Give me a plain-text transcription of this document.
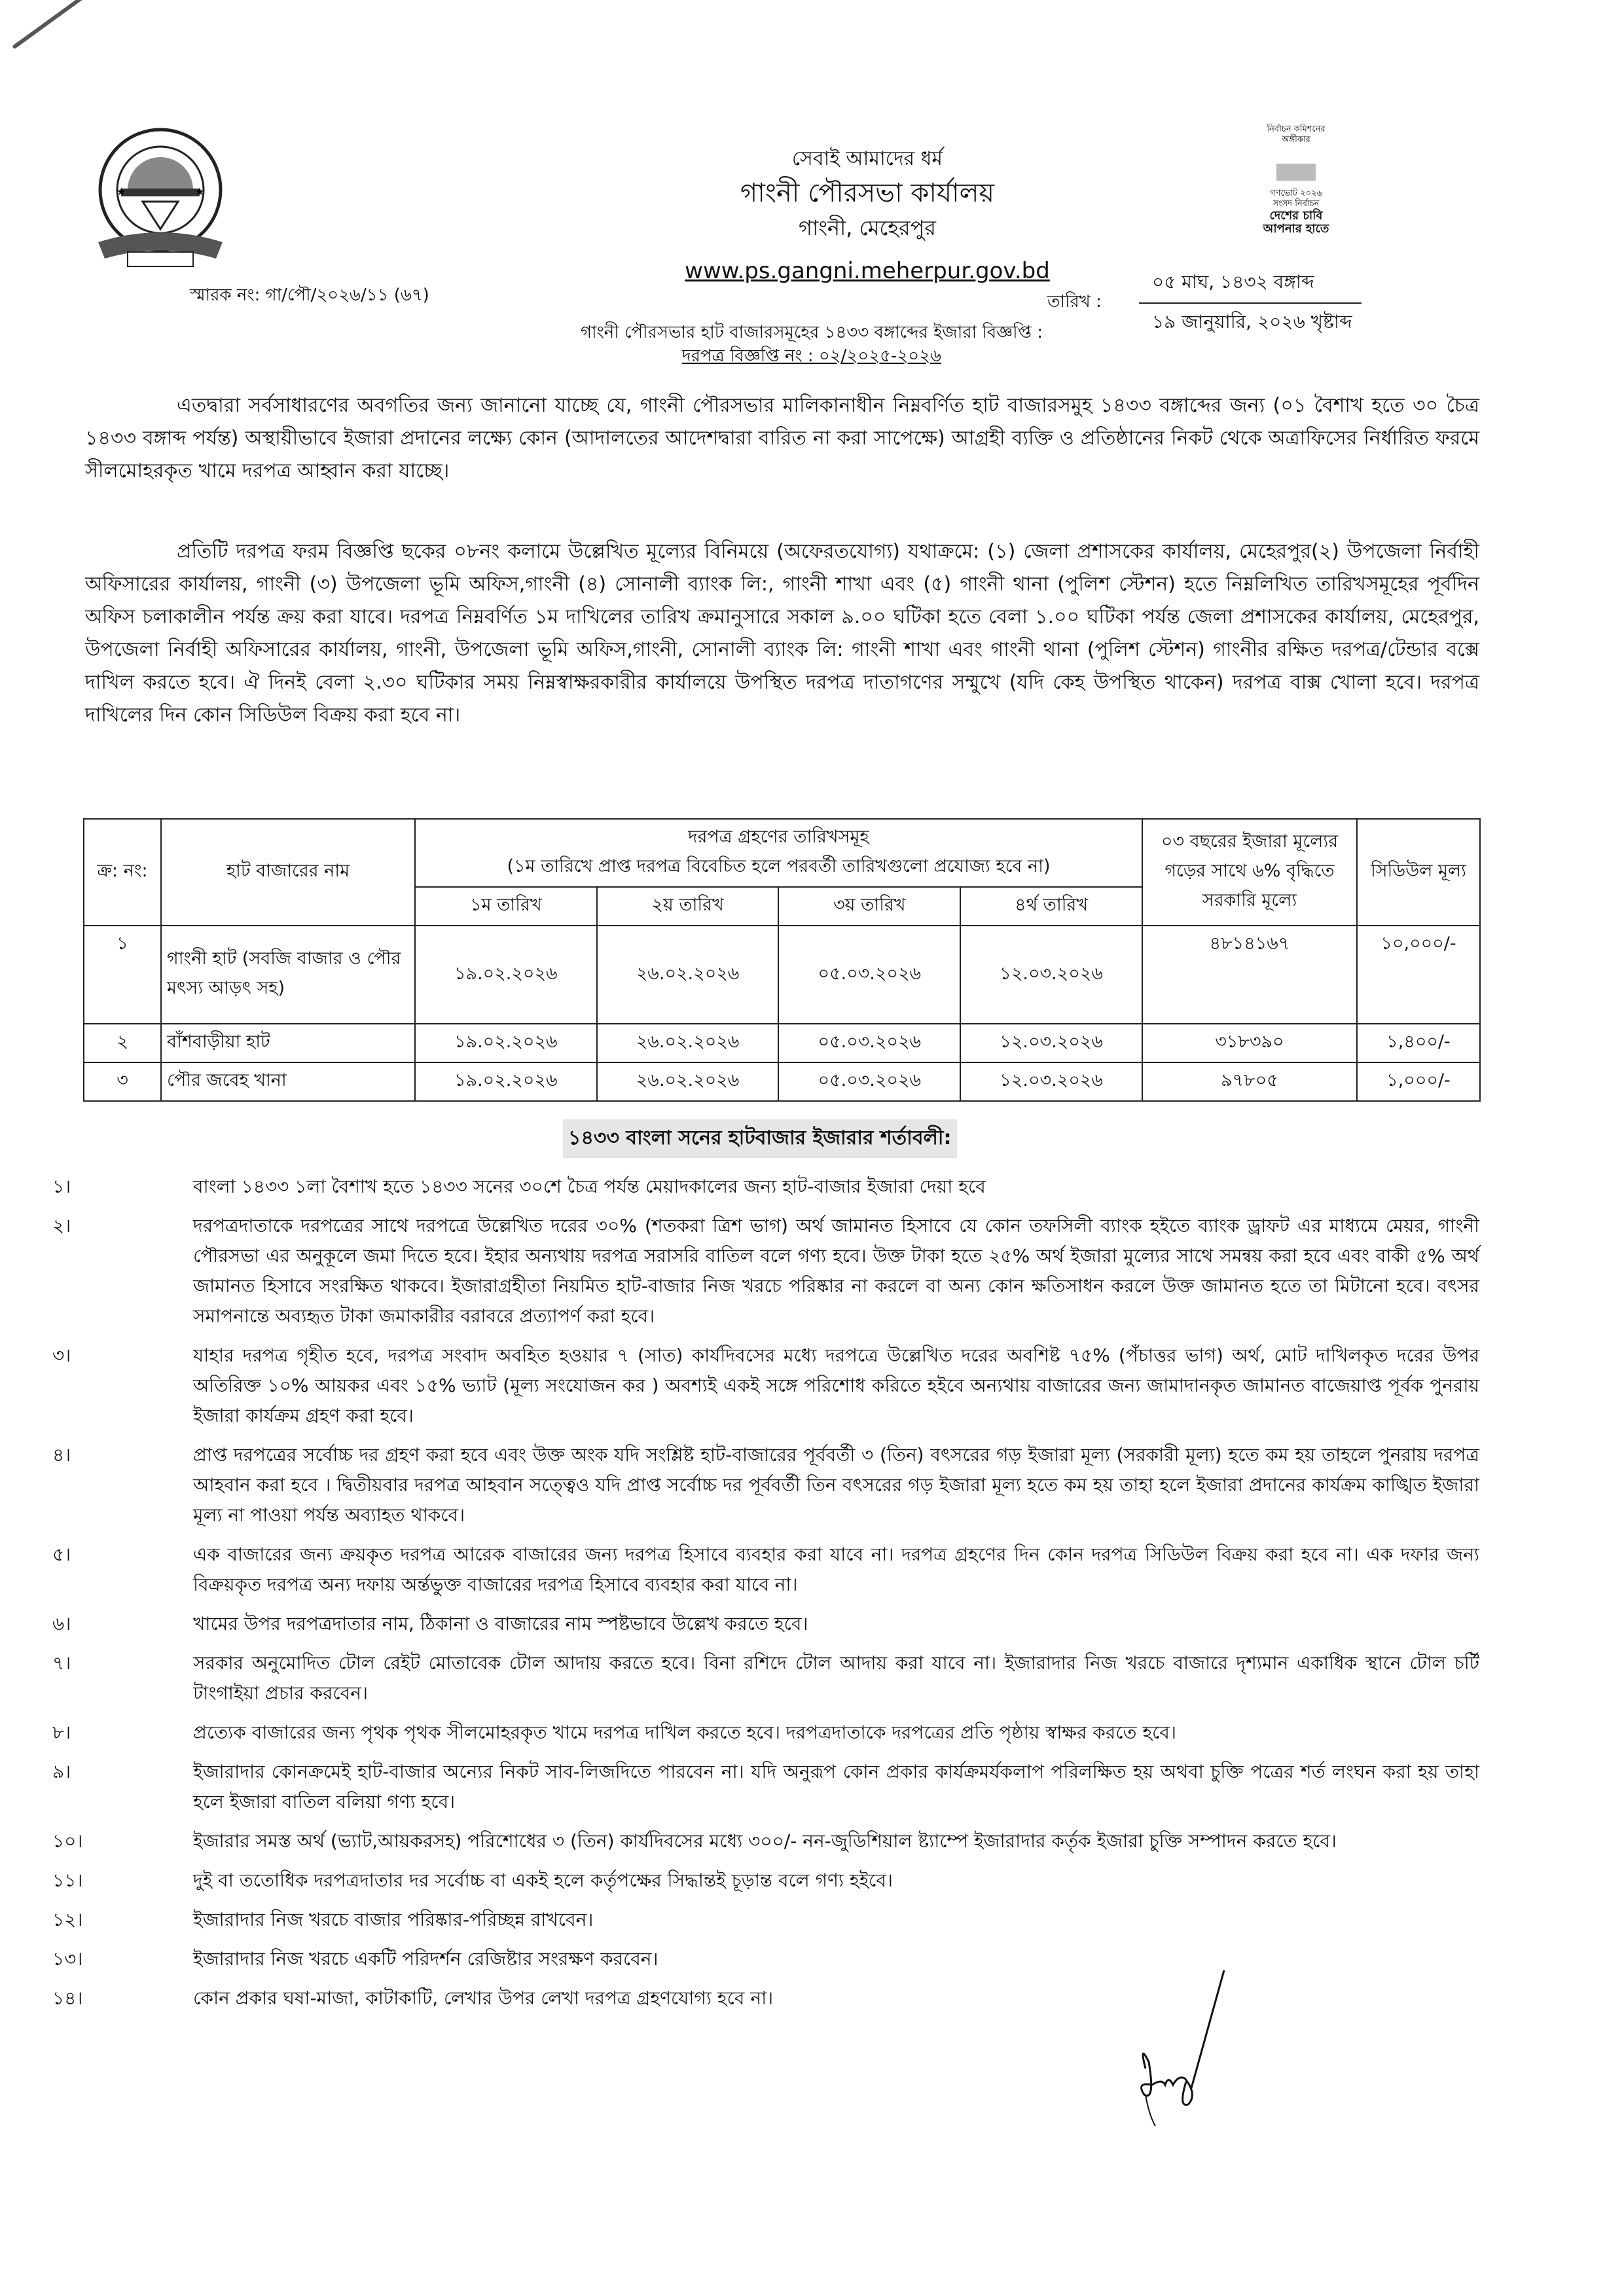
★	★
সেবাই আমাদের ধর্ম
গাংনী পৌরসভা কার্যালয়
গাংনী, মেহেরপুর
www.ps.gangni.meherpur.gov.bd
নির্বাচন কমিশনের
অঙ্গীকার
গণভোট ২০২৬
সংসদ নির্বাচন
দেশের চাবি
আপনার হাতে
স্মারক নং: গা/পৌ/২০২৬/১১ (৬৭)	তারিখ :
০৫ মাঘ, ১৪৩২ বঙ্গাব্দ
১৯ জানুয়ারি, ২০২৬ খৃষ্টাব্দ
গাংনী পৌরসভার হাট বাজারসমূহের ১৪৩৩ বঙ্গাব্দের ইজারা বিজ্ঞপ্তি :
দরপত্র বিজ্ঞপ্তি নং : ০২/২০২৫-২০২৬
এতদ্বারা সর্বসাধারণের অবগতির জন্য জানানো যাচ্ছে যে, গাংনী পৌরসভার মালিকানাধীন নিম্নবর্ণিত হাট বাজারসমুহ ১৪৩৩ বঙ্গাব্দের জন্য (০১ বৈশাখ হতে ৩০ চৈত্র ১৪৩৩ বঙ্গাব্দ পর্যন্ত) অস্থায়ীভাবে ইজারা প্রদানের লক্ষ্যে কোন (আদালতের আদেশদ্বারা বারিত না করা সাপেক্ষে) আগ্রহী ব্যক্তি ও প্রতিষ্ঠানের নিকট থেকে অত্রাফিসের নির্ধারিত ফরমে সীলমোহরকৃত খামে দরপত্র আহ্বান করা যাচ্ছে।
প্রতিটি দরপত্র ফরম বিজ্ঞপ্তি ছকের ০৮নং কলামে উল্লেখিত মূল্যের বিনিময়ে (অফেরতযোগ্য) যথাক্রমে: (১) জেলা প্রশাসকের কার্যালয়, মেহেরপুর(২) উপজেলা নির্বাহী অফিসারের কার্যালয়, গাংনী (৩) উপজেলা ভূমি অফিস,গাংনী (৪) সোনালী ব্যাংক লি:, গাংনী শাখা এবং (৫) গাংনী থানা (পুলিশ স্টেশন) হতে নিম্নলিখিত তারিখসমূহের পূর্বদিন অফিস চলাকালীন পর্যন্ত ক্রয় করা যাবে। দরপত্র নিম্নবর্ণিত ১ম দাখিলের তারিখ ক্রমানুসারে সকাল ৯.০০ ঘটিকা হতে বেলা ১.০০ ঘটিকা পর্যন্ত জেলা প্রশাসকের কার্যালয়, মেহেরপুর, উপজেলা নির্বাহী অফিসারের কার্যালয়, গাংনী, উপজেলা ভূমি অফিস,গাংনী, সোনালী ব্যাংক লি: গাংনী শাখা এবং গাংনী থানা (পুলিশ স্টেশন) গাংনীর রক্ষিত দরপত্র/টেন্ডার বক্সে দাখিল করতে হবে। ঐ দিনই বেলা ২.৩০ ঘটিকার সময় নিম্নস্বাক্ষরকারীর কার্যালয়ে উপস্থিত দরপত্র দাতাগণের সম্মুখে (যদি কেহ উপস্থিত থাকেন) দরপত্র বাক্স খোলা হবে। দরপত্র দাখিলের দিন কোন সিডিউল বিক্রয় করা হবে না।
ক্র: নং:	হাট বাজারের নাম	দরপত্র গ্রহণের তারিখসমূহ
(১ম তারিখে প্রাপ্ত দরপত্র বিবেচিত হলে পরবর্তী তারিখগুলো প্রযোজ্য হবে না)				০৩ বছরের ইজারা মূল্যের গড়ের সাথে ৬% বৃদ্ধিতে সরকারি মূল্যে	সিডিউল মূল্য
		১ম তারিখ	২য় তারিখ	৩য় তারিখ	৪র্থ তারিখ		
১	গাংনী হাট (সবজি বাজার ও পৌর মৎস্য আড়ৎ সহ)	১৯.০২.২০২৬	২৬.০২.২০২৬	০৫.০৩.২০২৬	১২.০৩.২০২৬	৪৮১৪১৬৭	১০,০০০/-
২	বাঁশবাড়ীয়া হাট	১৯.০২.২০২৬	২৬.০২.২০২৬	০৫.০৩.২০২৬	১২.০৩.২০২৬	৩১৮৩৯০	১,৪০০/-
৩	পৌর জবেহ খানা	১৯.০২.২০২৬	২৬.০২.২০২৬	০৫.০৩.২০২৬	১২.০৩.২০২৬	৯৭৮০৫	১,০০০/-
১৪৩৩ বাংলা সনের হাটবাজার ইজারার শর্তাবলী:
১।	বাংলা ১৪৩৩ ১লা বৈশাখ হতে ১৪৩৩ সনের ৩০শে চৈত্র পর্যন্ত মেয়াদকালের জন্য হাট-বাজার ইজারা দেয়া হবে
২।	দরপত্রদাতাকে দরপত্রের সাথে দরপত্রে উল্লেখিত দরের ৩০% (শতকরা ত্রিশ ভাগ) অর্থ জামানত হিসাবে যে কোন তফসিলী ব্যাংক হইতে ব্যাংক ড্রাফট এর মাধ্যমে মেয়র, গাংনী পৌরসভা এর অনুকূলে জমা দিতে হবে। ইহার অন্যথায় দরপত্র সরাসরি বাতিল বলে গণ্য হবে। উক্ত টাকা হতে ২৫% অর্থ ইজারা মুল্যের সাথে সমন্বয় করা হবে এবং বাকী ৫% অর্থ জামানত হিসাবে সংরক্ষিত থাকবে। ইজারাগ্রহীতা নিয়মিত হাট-বাজার নিজ খরচে পরিষ্কার না করলে বা অন্য কোন ক্ষতিসাধন করলে উক্ত জামানত হতে তা মিটানো হবে। বৎসর সমাপনান্তে অব্যহৃত টাকা জমাকারীর বরাবরে প্রত্যাপর্ণ করা হবে।
৩।	যাহার দরপত্র গৃহীত হবে, দরপত্র সংবাদ অবহিত হওয়ার ৭ (সাত) কার্যদিবসের মধ্যে দরপত্রে উল্লেখিত দরের অবশিষ্ট ৭৫% (পঁচাত্তর ভাগ) অর্থ, মোট দাখিলকৃত দরের উপর অতিরিক্ত ১০% আয়কর এবং ১৫% ভ্যাট (মূল্য সংযোজন কর ) অবশ্যই একই সঙ্গে পরিশোধ করিতে হইবে অন্যথায় বাজারের জন্য জামাদানকৃত জামানত বাজেয়াপ্ত পূর্বক পুনরায় ইজারা কার্যক্রম গ্রহণ করা হবে।
৪।	প্রাপ্ত দরপত্রের সর্বোচ্চ দর গ্রহণ করা হবে এবং উক্ত অংক যদি সংশ্লিষ্ট হাট-বাজারের পূর্ববর্তী ৩ (তিন) বৎসরের গড় ইজারা মূল্য (সরকারী মূল্য) হতে কম হয় তাহলে পুনরায় দরপত্র আহবান করা হবে । দ্বিতীয়বার দরপত্র আহবান সত্ত্বেও যদি প্রাপ্ত সর্বোচ্চ দর পূর্ববর্তী তিন বৎসরের গড় ইজারা মূল্য হতে কম হয় তাহা হলে ইজারা প্রদানের কার্যক্রম কাঙ্খিত ইজারা মূল্য না পাওয়া পর্যন্ত অব্যাহত থাকবে।
৫।	এক বাজারের জন্য ক্রয়কৃত দরপত্র আরেক বাজারের জন্য দরপত্র হিসাবে ব্যবহার করা যাবে না। দরপত্র গ্রহণের দিন কোন দরপত্র সিডিউল বিক্রয় করা হবে না। এক দফার জন্য বিক্রয়কৃত দরপত্র অন্য দফায় অর্ন্তভুক্ত বাজারের দরপত্র হিসাবে ব্যবহার করা যাবে না।
৬।	খামের উপর দরপত্রদাতার নাম, ঠিকানা ও বাজারের নাম স্পষ্টভাবে উল্লেখ করতে হবে।
৭।	সরকার অনুমোদিত টোল রেইট মোতাবেক টোল আদায় করতে হবে। বিনা রশিদে টোল আদায় করা যাবে না। ইজারাদার নিজ খরচে বাজারে দৃশ্যমান একাধিক স্থানে টোল চর্টি টাংগাইয়া প্রচার করবেন।
৮।	প্রত্যেক বাজারের জন্য পৃথক পৃথক সীলমোহরকৃত খামে দরপত্র দাখিল করতে হবে। দরপত্রদাতাকে দরপত্রের প্রতি পৃষ্ঠায় স্বাক্ষর করতে হবে।
৯।	ইজারাদার কোনক্রমেই হাট-বাজার অন্যের নিকট সাব-লিজদিতে পারবেন না। যদি অনুরূপ কোন প্রকার কার্যক্রমর্যকলাপ পরিলক্ষিত হয় অথবা চুক্তি পত্রের শর্ত লংঘন করা হয় তাহা হলে ইজারা বাতিল বলিয়া গণ্য হবে।
১০।	ইজারার সমস্ত অর্থ (ভ্যাট,আয়করসহ) পরিশোধের ৩ (তিন) কার্যদিবসের মধ্যে ৩০০/- নন-জুডিশিয়াল ষ্ট্যাম্পে ইজারাদার কর্তৃক ইজারা চুক্তি সম্পাদন করতে হবে।
১১।	দুই বা ততোধিক দরপত্রদাতার দর সর্বোচ্চ বা একই হলে কর্তৃপক্ষের সিদ্ধান্তই চূড়ান্ত বলে গণ্য হইবে।
১২।	ইজারাদার নিজ খরচে বাজার পরিষ্কার-পরিচ্ছন্ন রাখবেন।
১৩।	ইজারাদার নিজ খরচে একটি পরিদর্শন রেজিষ্টার সংরক্ষণ করবেন।
১৪।	কোন প্রকার ঘষা-মাজা, কাটাকাটি, লেখার উপর লেখা দরপত্র গ্রহণযোগ্য হবে না।
